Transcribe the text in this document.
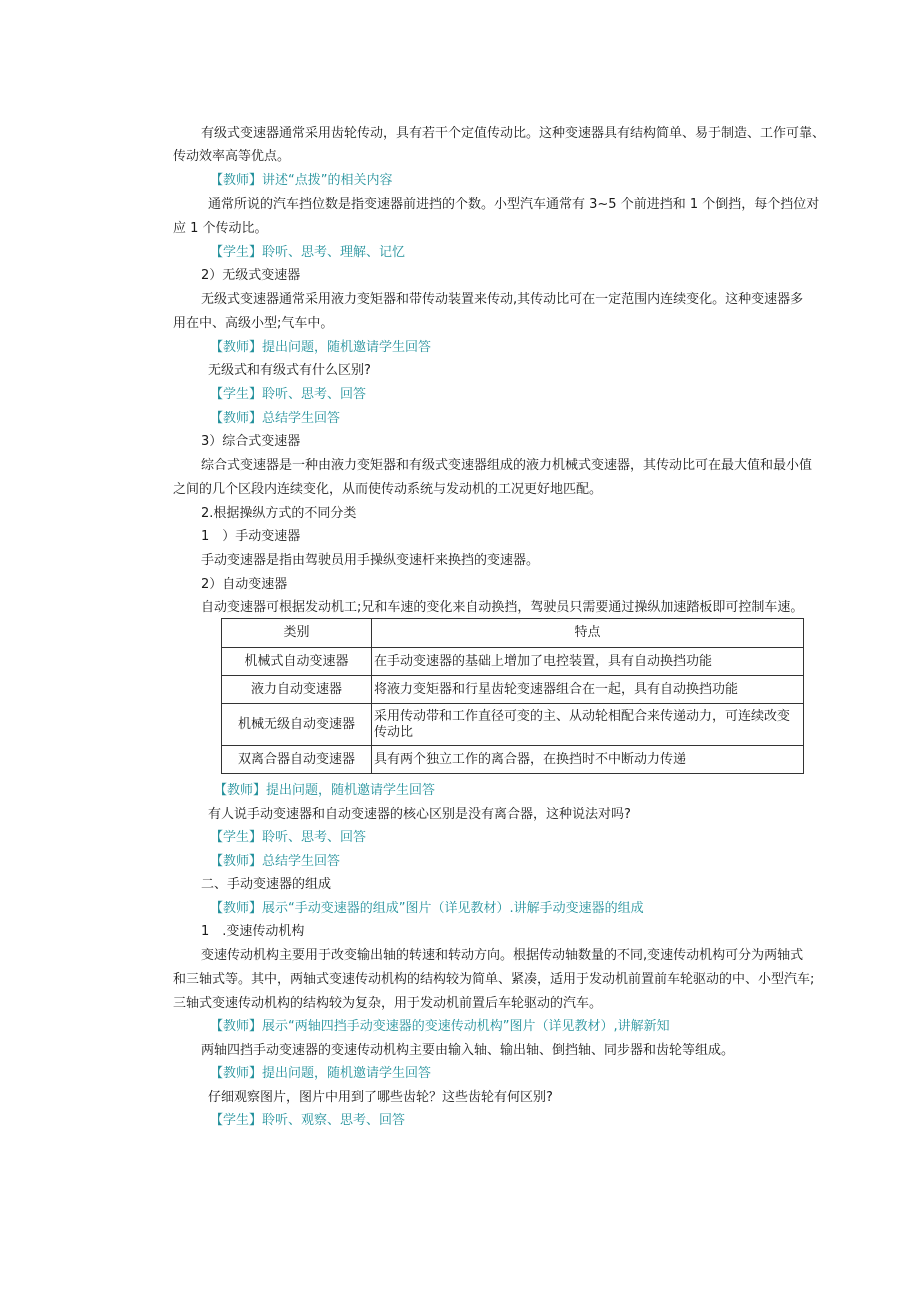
有级式变速器通常采用齿轮传动，具有若干个定值传动比。这种变速器具有结构简单、易于制造、工作可靠、
传动效率高等优点。
【教师】讲述“点拨”的相关内容
通常所说的汽车挡位数是指变速器前进挡的个数。小型汽车通常有 3~5 个前进挡和 1 个倒挡，每个挡位对
应 1 个传动比。
【学生】聆听、思考、理解、记忆
2）无级式变速器
无级式变速器通常采用液力变矩器和带传动装置来传动,其传动比可在一定范围内连续变化。这种变速器多
用在中、高级小型;气车中。
【教师】提出问题，随机邀请学生回答
无级式和有级式有什么区别?
【学生】聆听、思考、回答
【教师】总结学生回答
3）综合式变速器
综合式变速器是一种由液力变矩器和有级式变速器组成的液力机械式变速器，其传动比可在最大值和最小值
之间的几个区段内连续变化，从而使传动系统与发动机的工况更好地匹配。
2.根据操纵方式的不同分类
1　）手动变速器
手动变速器是指由驾驶员用手操纵变速杆来换挡的变速器。
2）自动变速器
自动变速器可根据发动机工;兄和车速的变化来自动换挡，驾驶员只需要通过操纵加速踏板即可控制车速。
类别	特点
机械式自动变速器	在手动变速器的基础上增加了电控装置，具有自动换挡功能
液力自动变速器	将液力变矩器和行星齿轮变速器组合在一起，具有自动换挡功能
机械无级自动变速器	采用传动带和工作直径可变的主、从动轮相配合来传递动力，可连续改变传动比
双离合器自动变速器	具有两个独立工作的离合器，在换挡时不中断动力传递
【教师】提出问题，随机邀请学生回答
有人说手动变速器和自动变速器的核心区别是没有离合器，这种说法对吗?
【学生】聆听、思考、回答
【教师】总结学生回答
二、手动变速器的组成
【教师】展示“手动变速器的组成”图片（详见教材）.讲解手动变速器的组成
1　.变速传动机构
变速传动机构主要用于改变输出轴的转速和转动方向。根据传动轴数量的不同,变速传动机构可分为两轴式
和三轴式等。其中，两轴式变速传动机构的结构较为简单、紧凑，适用于发动机前置前车轮驱动的中、小型汽车;
三轴式变速传动机构的结构较为复杂，用于发动机前置后车轮驱动的汽车。
【教师】展示“两轴四挡手动变速器的变速传动机构”图片（详见教材）,讲解新知
两轴四挡手动变速器的变速传动机构主要由输入轴、输出轴、倒挡轴、同步器和齿轮等组成。
【教师】提出问题，随机邀请学生回答
仔细观察图片，图片中用到了哪些齿轮？这些齿轮有何区别?
【学生】聆听、观察、思考、回答
